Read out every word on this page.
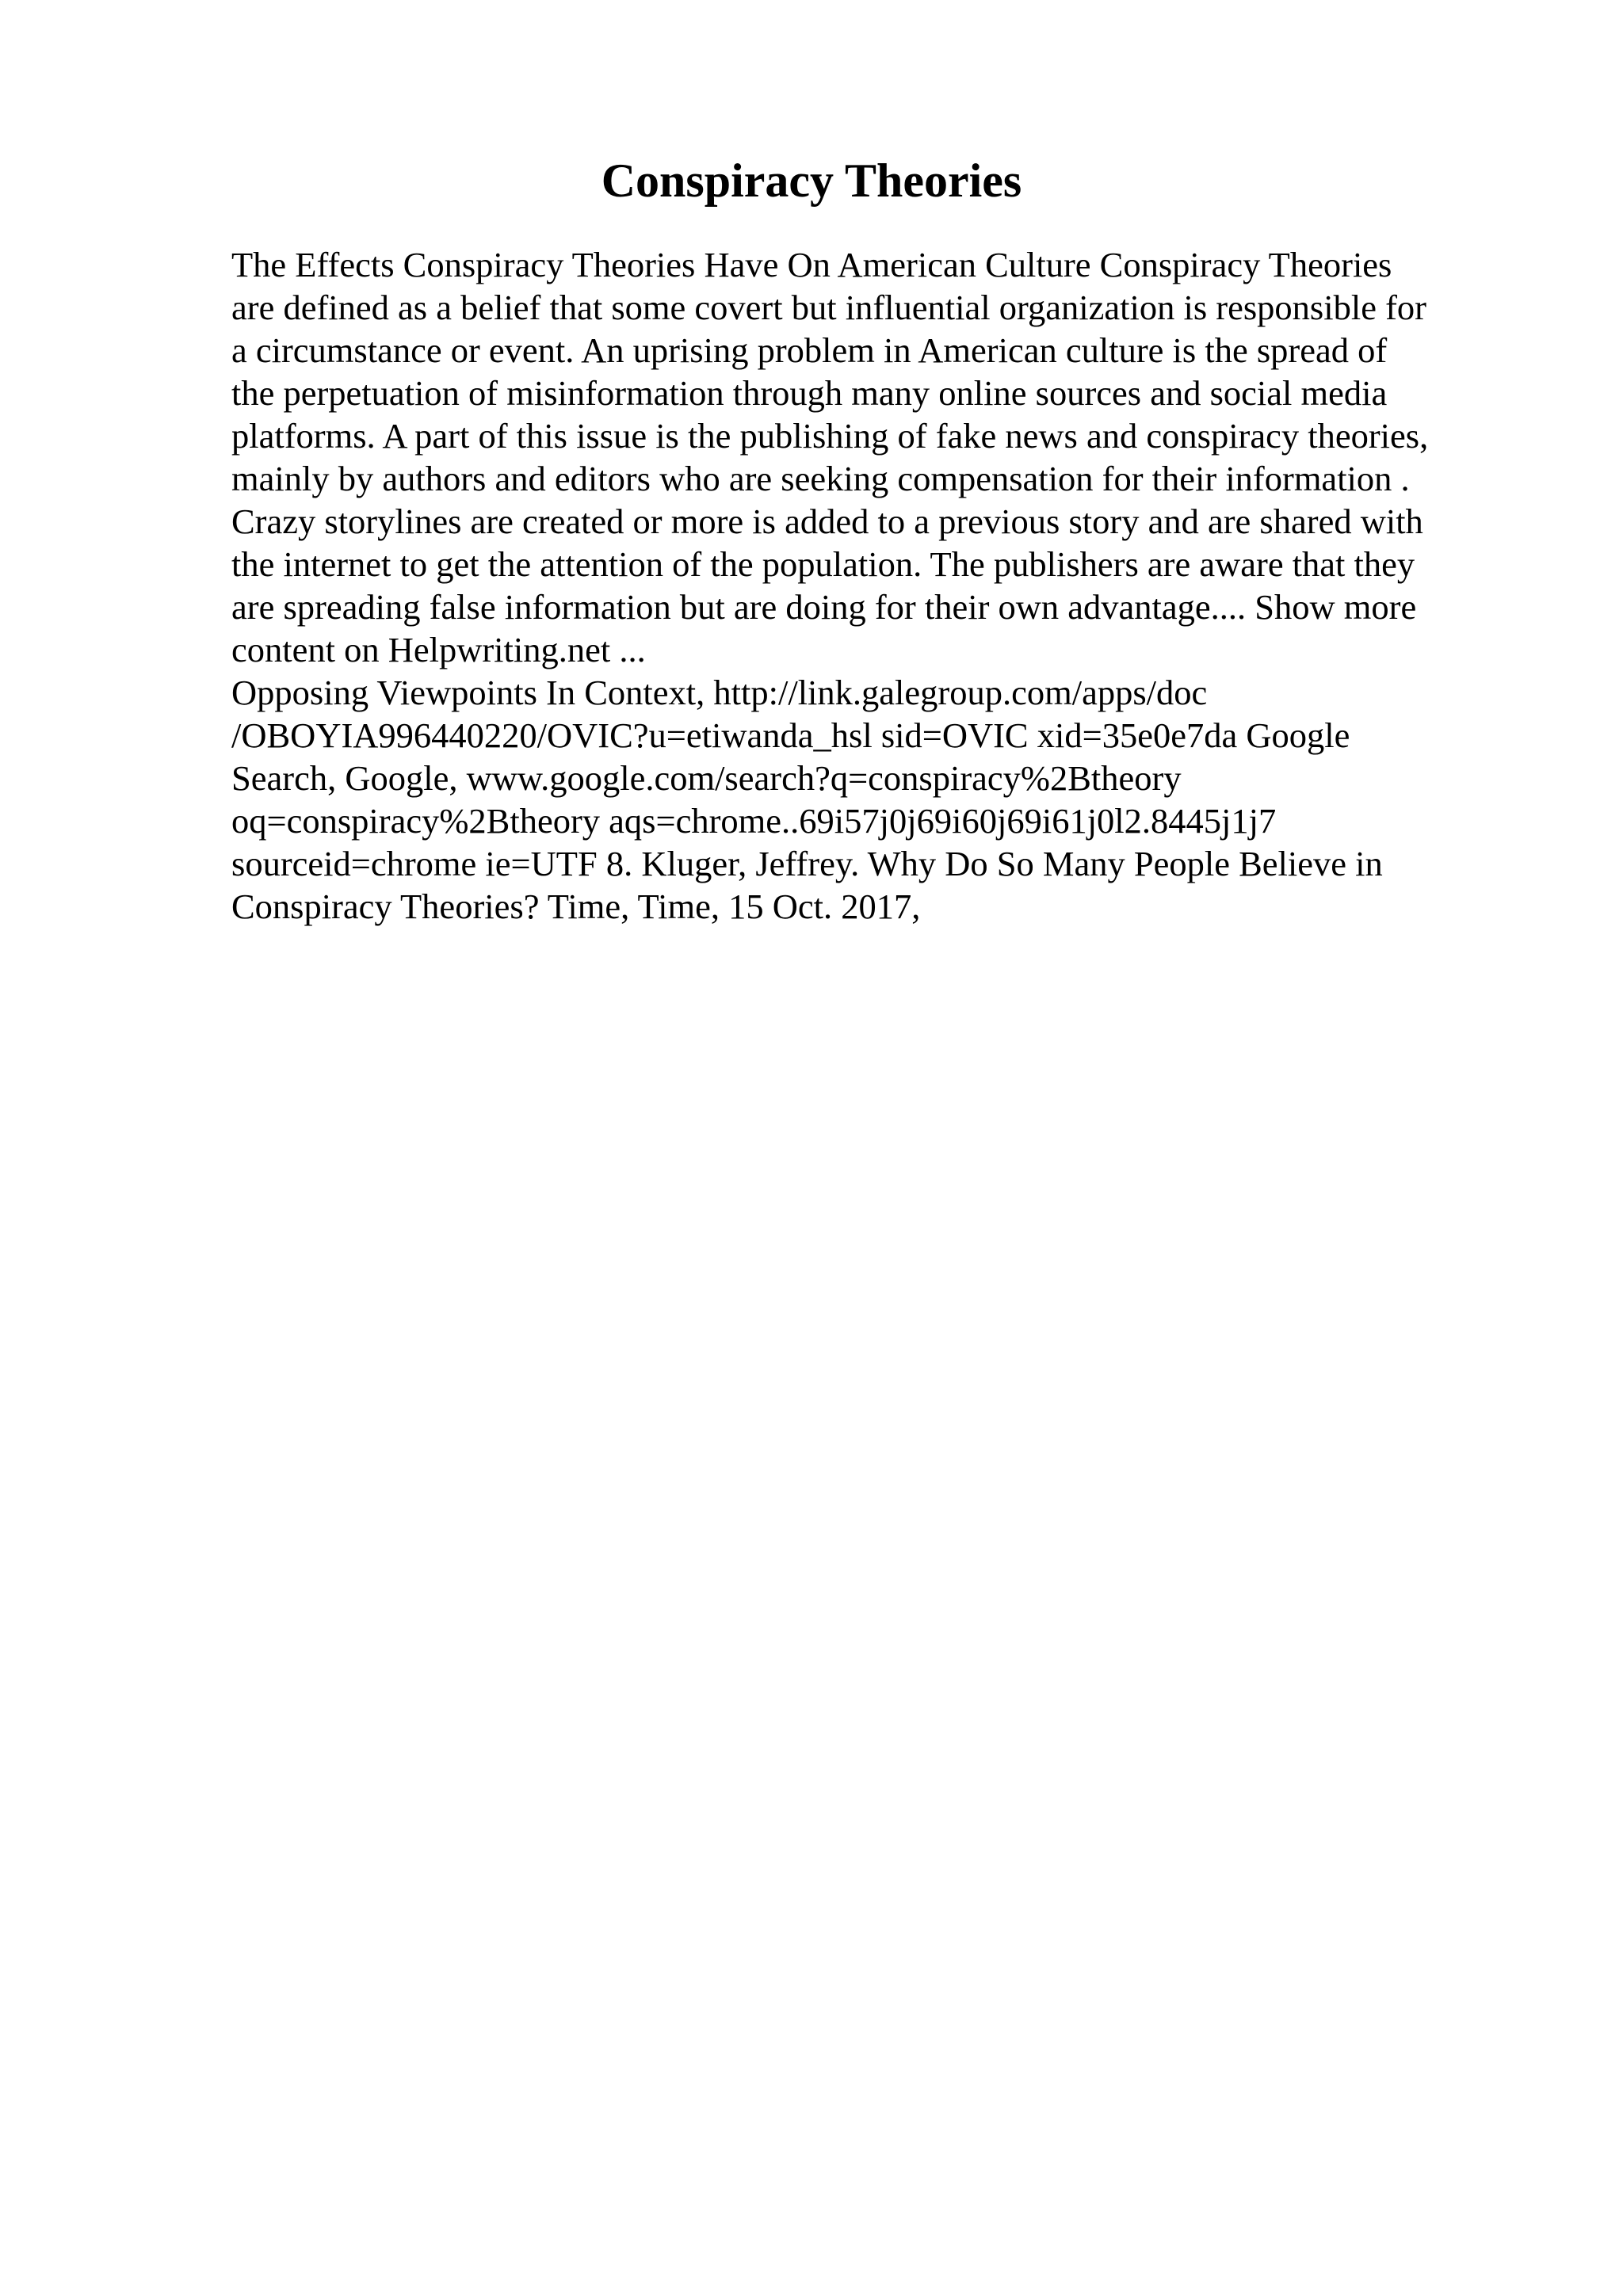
Conspiracy Theories
The Effects Conspiracy Theories Have On American Culture Conspiracy Theories
are defined as a belief that some covert but influential organization is responsible for
a circumstance or event. An uprising problem in American culture is the spread of
the perpetuation of misinformation through many online sources and social media
platforms. A part of this issue is the publishing of fake news and conspiracy theories,
mainly by authors and editors who are seeking compensation for their information .
Crazy storylines are created or more is added to a previous story and are shared with
the internet to get the attention of the population. The publishers are aware that they
are spreading false information but are doing for their own advantage.... Show more
content on Helpwriting.net ...
Opposing Viewpoints In Context, http://link.galegroup.com/apps/doc
/OBOYIA996440220/OVIC?u=etiwanda_hsl sid=OVIC xid=35e0e7da Google
Search, Google, www.google.com/search?q=conspiracy%2Btheory
oq=conspiracy%2Btheory aqs=chrome..69i57j0j69i60j69i61j0l2.8445j1j7
sourceid=chrome ie=UTF 8. Kluger, Jeffrey. Why Do So Many People Believe in
Conspiracy Theories? Time, Time, 15 Oct. 2017,
